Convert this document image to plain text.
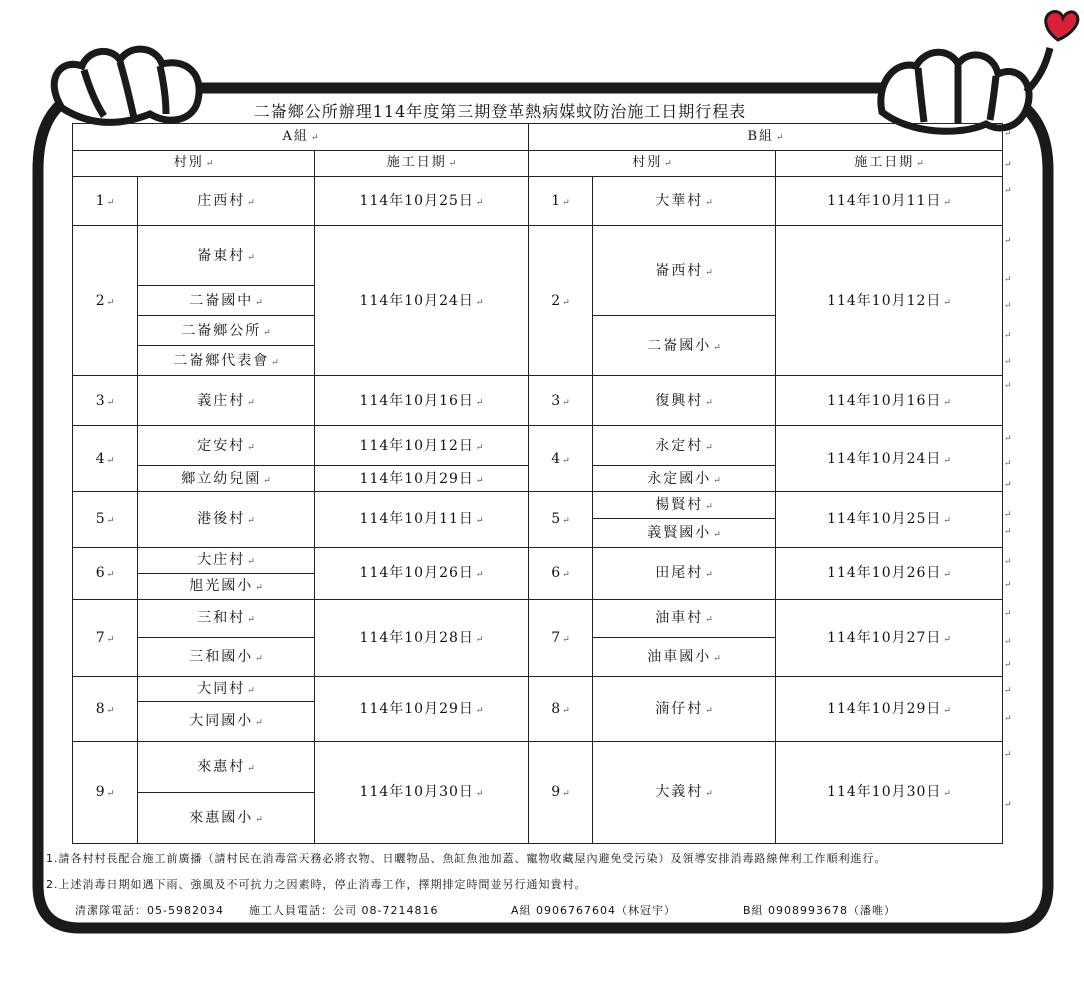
二崙鄉公所辦理114年度第三期登革熱病媒蚊防治施工日期行程表
A組 ↵			B組 ↵		
村別 ↵		施工日期 ↵	村別 ↵		施工日期 ↵
1 ↵	庄西村 ↵	114年10月25日 ↵	1 ↵	大華村 ↵	114年10月11日 ↵
2 ↵	崙東村 ↵	114年10月24日 ↵	2 ↵	崙西村 ↵	114年10月12日 ↵
	二崙國中 ↵				
	二崙鄉公所 ↵			二崙國小 ↵	
	二崙鄉代表會 ↵				
3 ↵	義庄村 ↵	114年10月16日 ↵	3 ↵	復興村 ↵	114年10月16日 ↵
4 ↵	定安村 ↵	114年10月12日 ↵	4 ↵	永定村 ↵	114年10月24日 ↵
	鄉立幼兒園 ↵	114年10月29日 ↵		永定國小 ↵	
5 ↵	港後村 ↵	114年10月11日 ↵	5 ↵	楊賢村 ↵	114年10月25日 ↵
				義賢國小 ↵	
6 ↵	大庄村 ↵	114年10月26日 ↵	6 ↵	田尾村 ↵	114年10月26日 ↵
	旭光國小 ↵				
7 ↵	三和村 ↵	114年10月28日 ↵	7 ↵	油車村 ↵	114年10月27日 ↵
	三和國小 ↵			油車國小 ↵	
8 ↵	大同村 ↵	114年10月29日 ↵	8 ↵	湳仔村 ↵	114年10月29日 ↵
	大同國小 ↵				
9 ↵	來惠村 ↵	114年10月30日 ↵	9 ↵	大義村 ↵	114年10月30日 ↵
	來惠國小 ↵				
1.請各村村長配合施工前廣播（請村民在消毒當天務必將衣物、日曬物品、魚缸魚池加蓋、寵物收藏屋內避免受污染）及領導安排消毒路線俾利工作順利進行。
2.上述消毒日期如遇下雨、強風及不可抗力之因素時，停止消毒工作，擇期排定時間並另行通知貴村。
清潔隊電話：05-5982034 施工人員電話：公司 08-7214816	A組 0906767604（林冠宇）	B組 0908993678（潘唯）
↵
↵
↵
↵
↵
↵
↵
↵
↵
↵
↵
↵
↵
↵
↵
↵
↵
↵
↵
↵
↵
↵
↵
